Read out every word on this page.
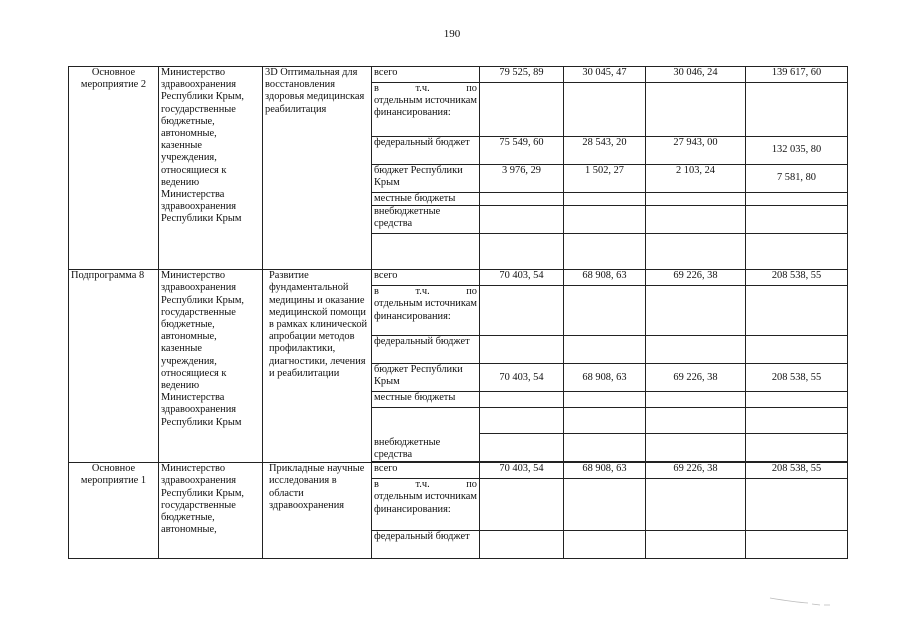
190
Основное мероприятие 2	Министерство здравоохранения Республики Крым, государственные бюджетные, автономные, казенные учреждения, относящиеся к ведению Министерства здравоохранения Республики Крым	3D Оптимальная для восстановления здоровья медицинская реабилитация	всего	79 525, 89	30 045, 47	30 046, 24	139 617, 60

			в т.ч. по
отдельным источникам финансирования:				
			федеральный бюджет	75 549, 60	28 543, 20	27 943, 00	132 035, 80
			бюджет Республики Крым	3 976, 29	1 502, 27	2 103, 24	7 581, 80
			местные бюджеты				
			внебюджетные средства				

Подпрограмма 8	Министерство здравоохранения Республики Крым, государственные бюджетные, автономные, казенные учреждения, относящиеся к ведению Министерства здравоохранения Республики Крым	Развитие фундаментальной медицины и оказание медицинской помощи в рамках клинической апробации методов профилактики, диагностики, лечения и реабилитации	всего	70 403, 54	68 908, 63	69 226, 38	208 538, 55

			в т.ч. по
отдельным источникам финансирования:				
			федеральный бюджет				
			бюджет Республики Крым	70 403, 54	68 908, 63	69 226, 38	208 538, 55
			местные бюджеты				

			внебюджетные средства				

Основное мероприятие 1	Министерство здравоохранения Республики Крым, государственные бюджетные, автономные,	Прикладные научные исследования в области здравоохранения	всего	70 403, 54	68 908, 63	69 226, 38	208 538, 55

			в т.ч. по
отдельным источникам финансирования:				
			федеральный бюджет				
